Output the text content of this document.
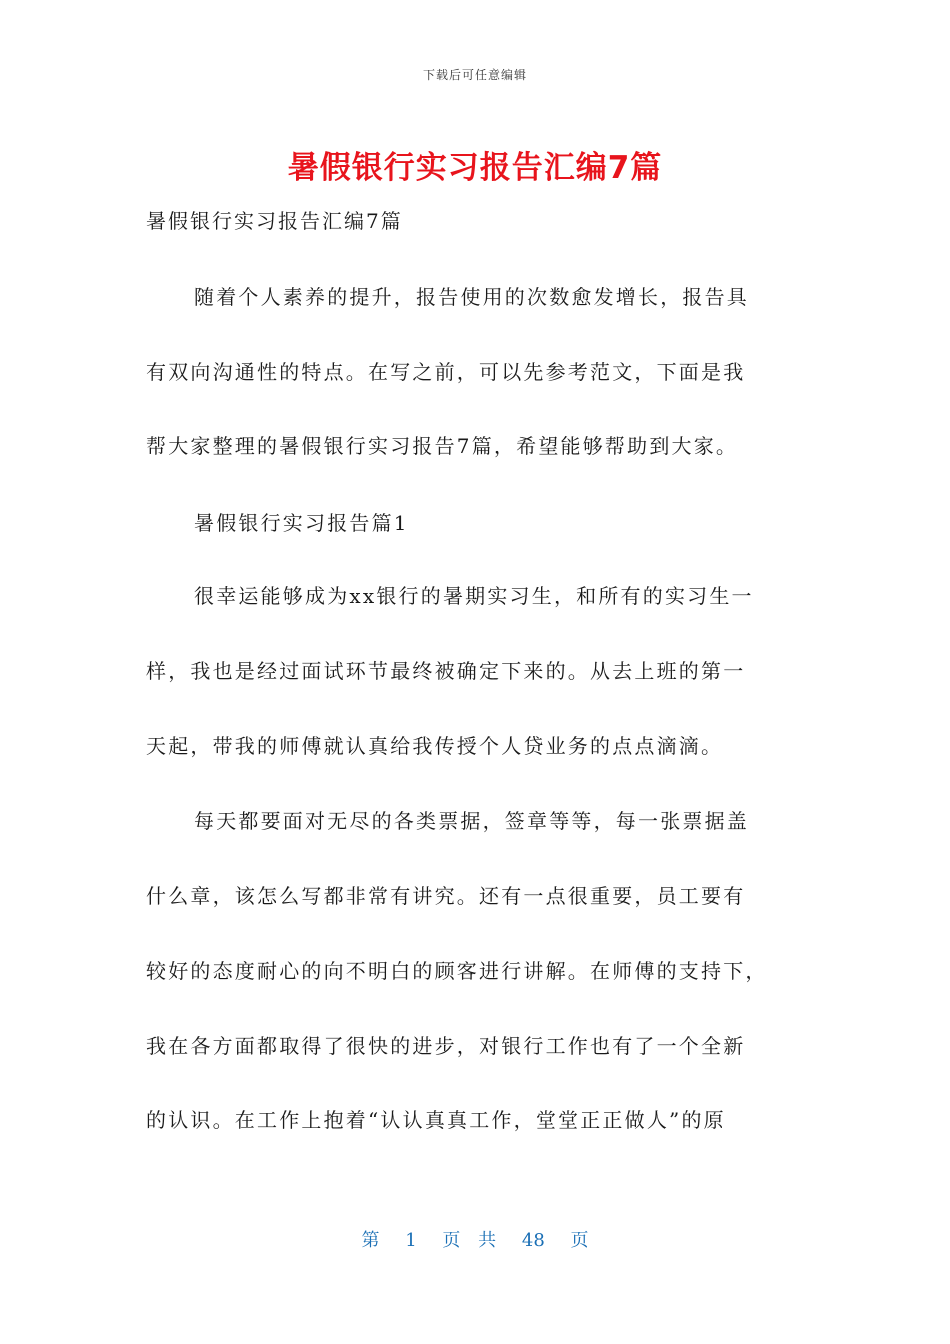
下载后可任意编辑
暑假银行实习报告汇编7篇
暑假银行实习报告汇编7篇
随着个人素养的提升，报告使用的次数愈发增长，报告具
有双向沟通性的特点。在写之前，可以先参考范文，下面是我
帮大家整理的暑假银行实习报告7篇，希望能够帮助到大家。
暑假银行实习报告篇1
很幸运能够成为xx银行的暑期实习生，和所有的实习生一
样，我也是经过面试环节最终被确定下来的。从去上班的第一
天起，带我的师傅就认真给我传授个人贷业务的点点滴滴。
每天都要面对无尽的各类票据，签章等等，每一张票据盖
什么章，该怎么写都非常有讲究。还有一点很重要，员工要有
较好的态度耐心的向不明白的顾客进行讲解。在师傅的支持下，
我在各方面都取得了很快的进步，对银行工作也有了一个全新
的认识。在工作上抱着“认认真真工作，堂堂正正做人”的原
第 1 页 共 48 页
